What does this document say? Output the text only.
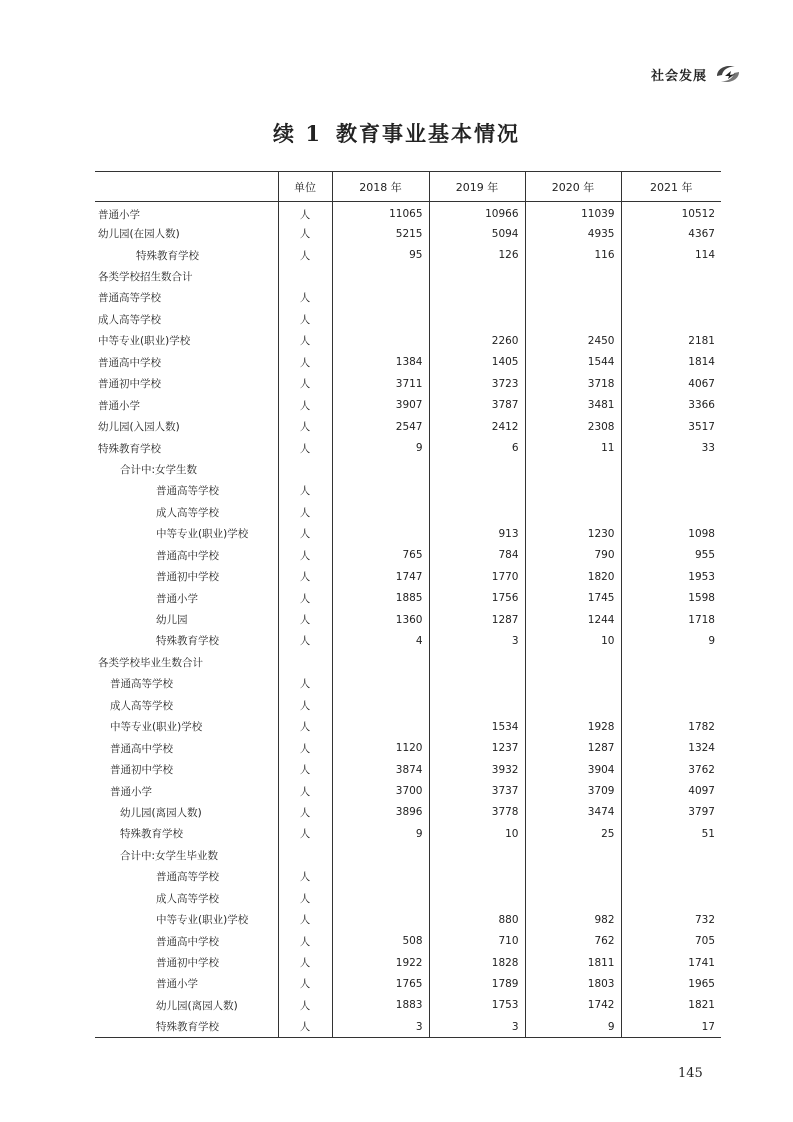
社会发展
续 1 教育事业基本情况
	单位	2018 年	2019 年	2020 年	2021 年
普通小学	人	11065	10966	11039	10512
幼儿园(在园人数)	人	5215	5094	4935	4367
特殊教育学校	人	95	126	116	114
各类学校招生数合计					
普通高等学校	人				
成人高等学校	人				
中等专业(职业)学校	人		2260	2450	2181
普通高中学校	人	1384	1405	1544	1814
普通初中学校	人	3711	3723	3718	4067
普通小学	人	3907	3787	3481	3366
幼儿园(入园人数)	人	2547	2412	2308	3517
特殊教育学校	人	9	6	11	33
合计中:女学生数					
普通高等学校	人				
成人高等学校	人				
中等专业(职业)学校	人		913	1230	1098
普通高中学校	人	765	784	790	955
普通初中学校	人	1747	1770	1820	1953
普通小学	人	1885	1756	1745	1598
幼儿园	人	1360	1287	1244	1718
特殊教育学校	人	4	3	10	9
各类学校毕业生数合计					
普通高等学校	人				
成人高等学校	人				
中等专业(职业)学校	人		1534	1928	1782
普通高中学校	人	1120	1237	1287	1324
普通初中学校	人	3874	3932	3904	3762
普通小学	人	3700	3737	3709	4097
幼儿园(离园人数)	人	3896	3778	3474	3797
特殊教育学校	人	9	10	25	51
合计中:女学生毕业数					
普通高等学校	人				
成人高等学校	人				
中等专业(职业)学校	人		880	982	732
普通高中学校	人	508	710	762	705
普通初中学校	人	1922	1828	1811	1741
普通小学	人	1765	1789	1803	1965
幼儿园(离园人数)	人	1883	1753	1742	1821
特殊教育学校	人	3	3	9	17
145
